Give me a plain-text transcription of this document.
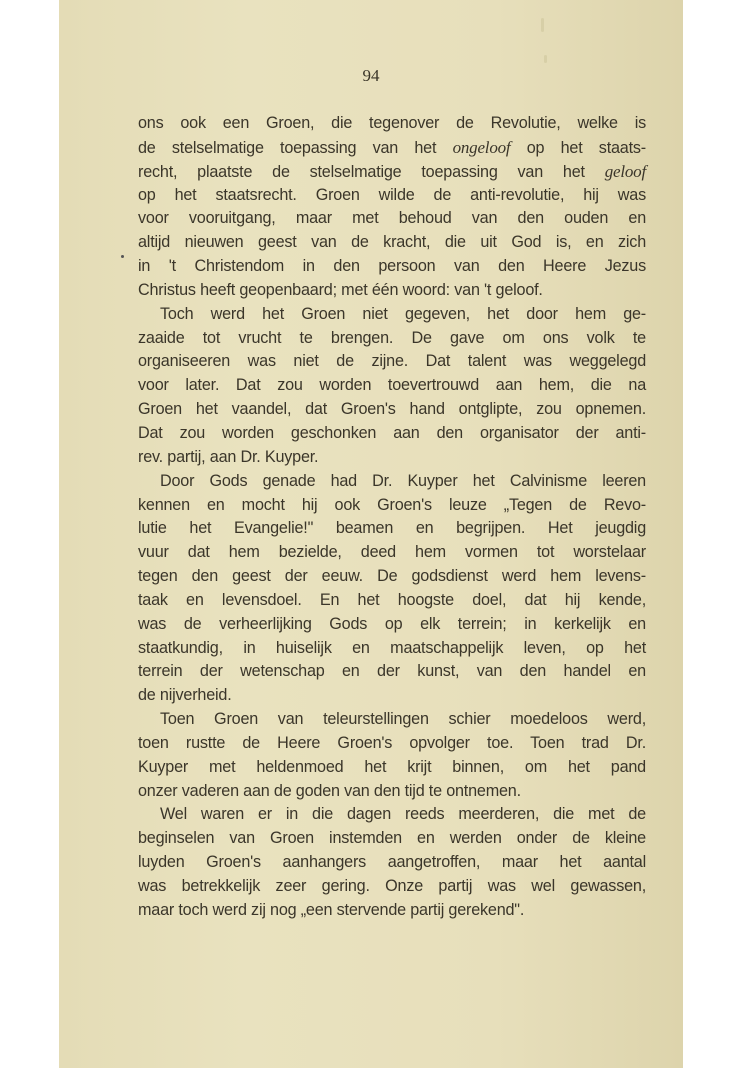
94
ons ook een Groen, die tegenover de Revolutie, welke is
de stelselmatige toepassing van het ongeloof op het staats-
recht, plaatste de stelselmatige toepassing van het geloof
op het staatsrecht. Groen wilde de anti-revolutie, hij was
voor vooruitgang, maar met behoud van den ouden en
altijd nieuwen geest van de kracht, die uit God is, en zich
in 't Christendom in den persoon van den Heere Jezus
Christus heeft geopenbaard; met één woord: van 't geloof.
Toch werd het Groen niet gegeven, het door hem ge-
zaaide tot vrucht te brengen. De gave om ons volk te
organiseeren was niet de zijne. Dat talent was weggelegd
voor later. Dat zou worden toevertrouwd aan hem, die na
Groen het vaandel, dat Groen's hand ontglipte, zou opnemen.
Dat zou worden geschonken aan den organisator der anti-
rev. partij, aan Dr. Kuyper.
Door Gods genade had Dr. Kuyper het Calvinisme leeren
kennen en mocht hij ook Groen's leuze „Tegen de Revo-
lutie het Evangelie!" beamen en begrijpen. Het jeugdig
vuur dat hem bezielde, deed hem vormen tot worstelaar
tegen den geest der eeuw. De godsdienst werd hem levens-
taak en levensdoel. En het hoogste doel, dat hij kende,
was de verheerlijking Gods op elk terrein; in kerkelijk en
staatkundig, in huiselijk en maatschappelijk leven, op het
terrein der wetenschap en der kunst, van den handel en
de nijverheid.
Toen Groen van teleurstellingen schier moedeloos werd,
toen rustte de Heere Groen's opvolger toe. Toen trad Dr.
Kuyper met heldenmoed het krijt binnen, om het pand
onzer vaderen aan de goden van den tijd te ontnemen.
Wel waren er in die dagen reeds meerderen, die met de
beginselen van Groen instemden en werden onder de kleine
luyden Groen's aanhangers aangetroffen, maar het aantal
was betrekkelijk zeer gering. Onze partij was wel gewassen,
maar toch werd zij nog „een stervende partij gerekend".
